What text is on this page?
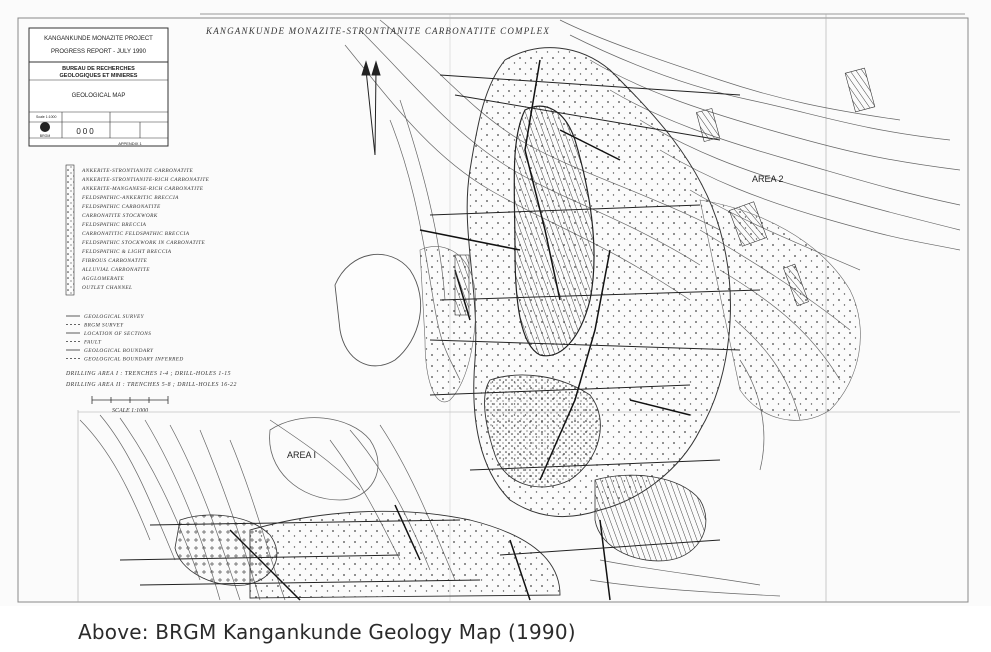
KANGANKUNDE MONAZITE-STRONTIANITE CARBONATITE COMPLEX
AREA 2
AREA I
KANGANKUNDE MONAZITE PROJECT
PROGRESS REPORT - JULY 1990
BUREAU DE RECHERCHES
GEOLOGIQUES ET MINIERES
GEOLOGICAL MAP
Scale 1:1000
000
APPENDIX 1
BRGM
ANKERITE-STRONTIANITE CARBONATITE
ANKERITE-STRONTIANITE-RICH CARBONATITE
ANKERITE-MANGANESE-RICH CARBONATITE
FELDSPATHIC-ANKERITIC BRECCIA
FELDSPATHIC CARBONATITE
CARBONATITE STOCKWORK
FELDSPATHIC BRECCIA
CARBONATITIC FELDSPATHIC BRECCIA
FELDSPATHIC STOCKWORK IN CARBONATITE
FELDSPATHIC & LIGHT BRECCIA
FIBROUS CARBONATITE
ALLUVIAL CARBONATITE
AGGLOMERATE
OUTLET CHANNEL
GEOLOGICAL SURVEY
BRGM SURVEY
LOCATION OF SECTIONS
FAULT
GEOLOGICAL BOUNDARY
GEOLOGICAL BOUNDARY INFERRED
DRILLING AREA I : TRENCHES 1-4 ; DRILL-HOLES 1-15
DRILLING AREA II : TRENCHES 5-8 ; DRILL-HOLES 16-22
SCALE 1:1000
Above: BRGM Kangankunde Geology Map (1990)
